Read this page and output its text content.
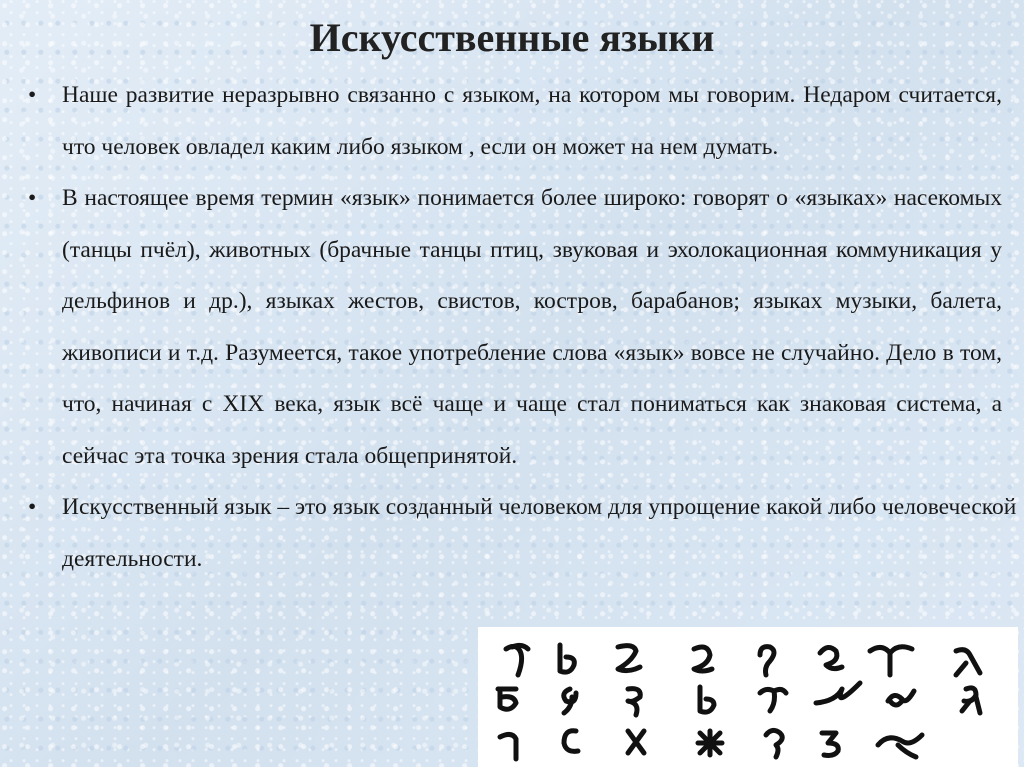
Искусственные языки
• Наше развитие неразрывно связанно с языком, на котором мы говорим. Недаром считается, что человек овладел каким либо языком , если он может на нем думать.
• В настоящее время термин «язык» понимается более широко: говорят о «языках» насекомых (танцы пчёл), животных (брачные танцы птиц, звуковая и эхолокационная коммуникация у дельфинов и др.), языках жестов, свистов, костров, барабанов; языках музыки, балета, живописи и т.д. Разумеется, такое употребление слова «язык» вовсе не случайно. Дело в том, что, начиная с XIX века, язык всё чаще и чаще стал пониматься как знаковая система, а сейчас эта точка зрения стала общепринятой.
• Искусственный язык – это язык созданный человеком для упрощение какой либо человеческой деятельности.
